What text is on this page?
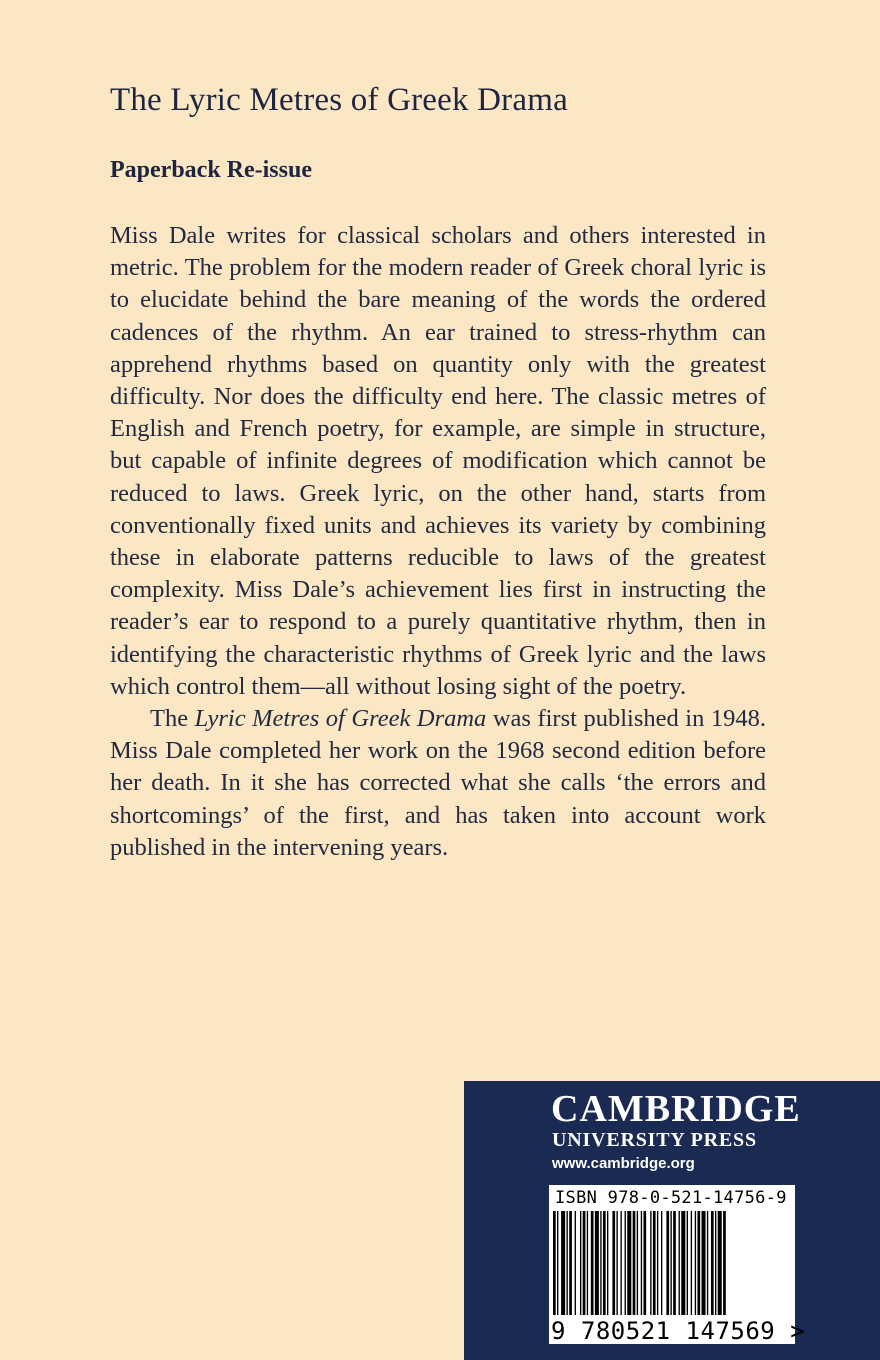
The Lyric Metres of Greek Drama
Paperback Re-issue

Miss Dale writes for classical scholars and others interested in metric. The problem for the modern reader of Greek choral lyric is to elucidate behind the bare meaning of the words the ordered cadences of the rhythm. An ear trained to stress-rhythm can apprehend rhythms based on quantity only with the greatest difficulty. Nor does the difficulty end here. The classic metres of English and French poetry, for example, are simple in structure, but capable of infinite degrees of modification which cannot be reduced to laws. Greek lyric, on the other hand, starts from conventionally fixed units and achieves its variety by combining these in elaborate patterns reducible to laws of the greatest complexity. Miss Dale’s achievement lies first in instructing the reader’s ear to respond to a purely quantitative rhythm, then in identifying the characteristic rhythms of Greek lyric and the laws which control them—all without losing sight of the poetry.

The Lyric Metres of Greek Drama was first published in 1948. Miss Dale completed her work on the 1968 second edition before her death. In it she has corrected what she calls ‘the errors and shortcomings’ of the first, and has taken into account work published in the intervening years.

CAMBRIDGE
UNIVERSITY PRESS
www.cambridge.org
ISBN 978-0-521-14756-9
9 780521 147569 >
